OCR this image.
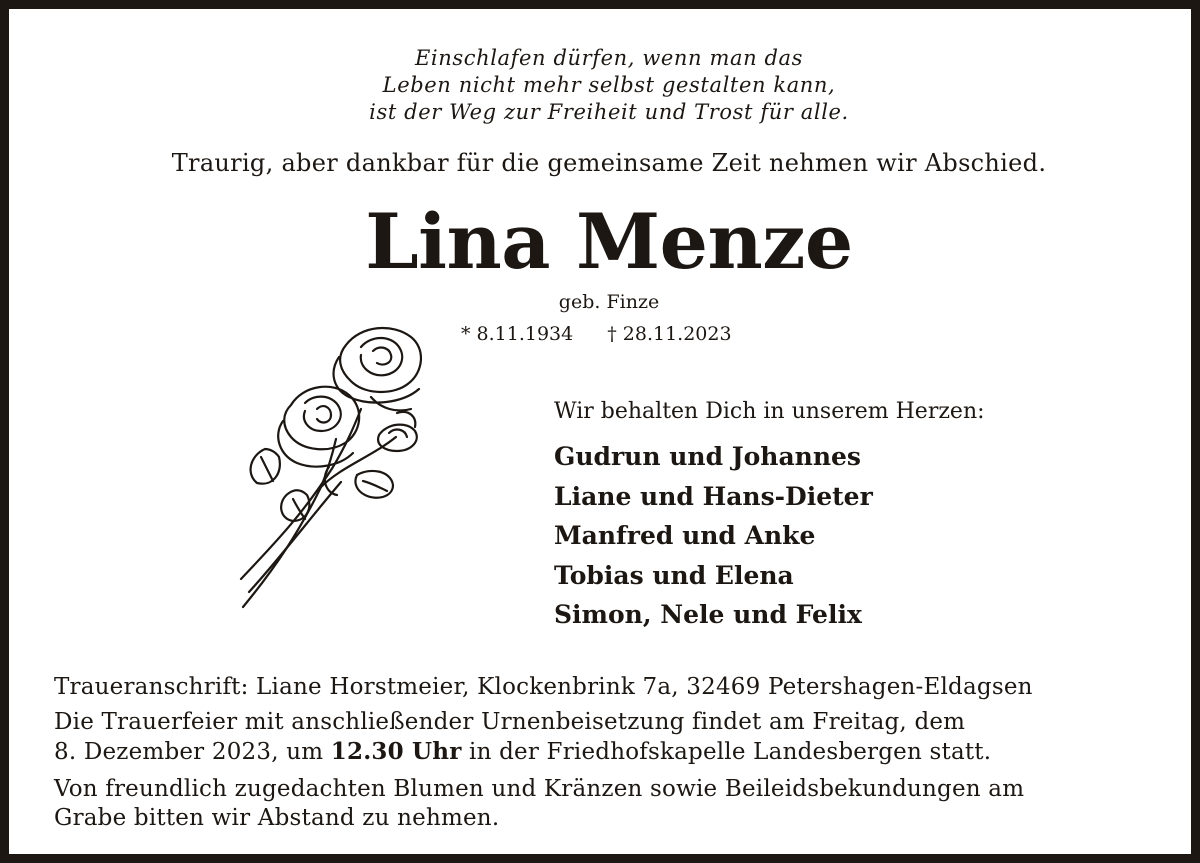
Einschlafen dürfen, wenn man das
Leben nicht mehr selbst gestalten kann,
ist der Weg zur Freiheit und Trost für alle.
Traurig, aber dankbar für die gemeinsame Zeit nehmen wir Abschied.
Lina Menze
geb. Finze
* 8.11.1934 † 28.11.2023
Wir behalten Dich in unserem Herzen:
Gudrun und Johannes
Liane und Hans-Dieter
Manfred und Anke
Tobias und Elena
Simon, Nele und Felix

Traueranschrift: Liane Horstmeier, Klockenbrink 7a, 32469 Petershagen-Eldagsen

Die Trauerfeier mit anschließender Urnenbeisetzung findet am Freitag, dem
8. Dezember 2023, um 12.30 Uhr in der Friedhofskapelle Landesbergen statt.

Von freundlich zugedachten Blumen und Kränzen sowie Beileidsbekundungen am
Grabe bitten wir Abstand zu nehmen.
